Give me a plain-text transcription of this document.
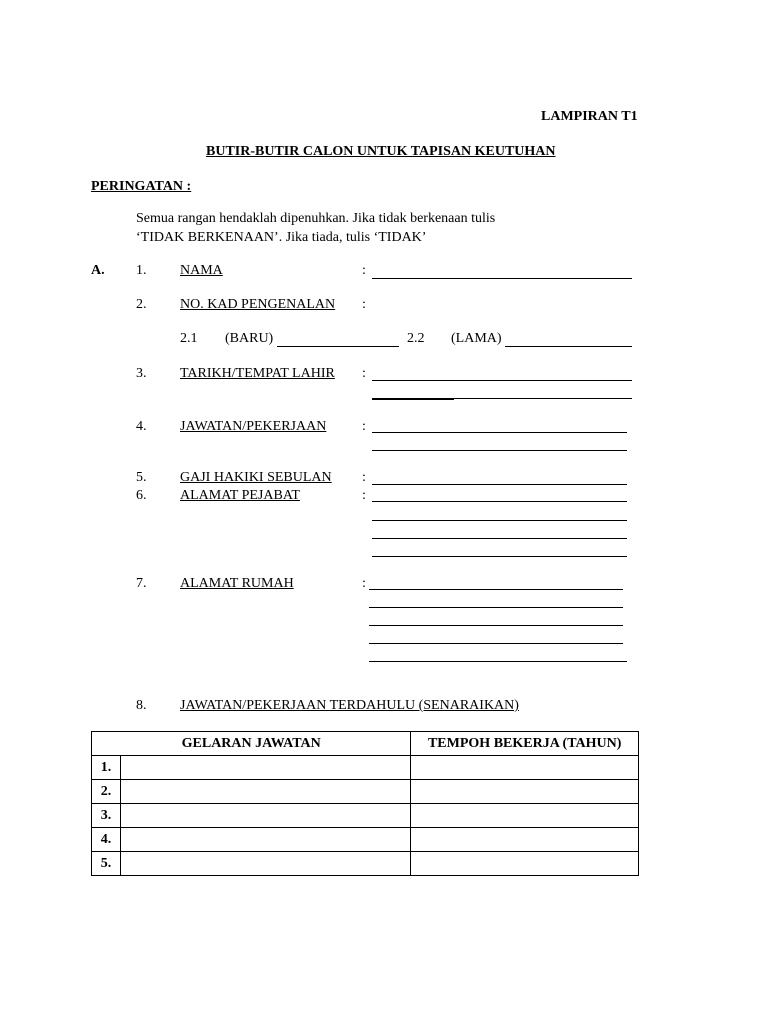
LAMPIRAN T1
BUTIR-BUTIR CALON UNTUK TAPISAN KEUTUHAN
PERINGATAN :
Semua rangan hendaklah dipenuhkan. Jika tidak berkenaan tulis
‘TIDAK BERKENAAN’. Jika tiada, tulis ‘TIDAK’
A. 1. NAMA	:
2. NO. KAD PENGENALAN :
2.1 (BARU)	2.2 (LAMA)
3. TARIKH/TEMPAT LAHIR :
4. JAWATAN/PEKERJAAN	:
5. GAJI HAKIKI SEBULAN :
6. ALAMAT PEJABAT	:
7. ALAMAT RUMAH	:
8. JAWATAN/PEKERJAAN TERDAHULU (SENARAIKAN)
GELARAN JAWATAN		TEMPOH BEKERJA (TAHUN)
1.		
2.		
3.		
4.		
5.		
